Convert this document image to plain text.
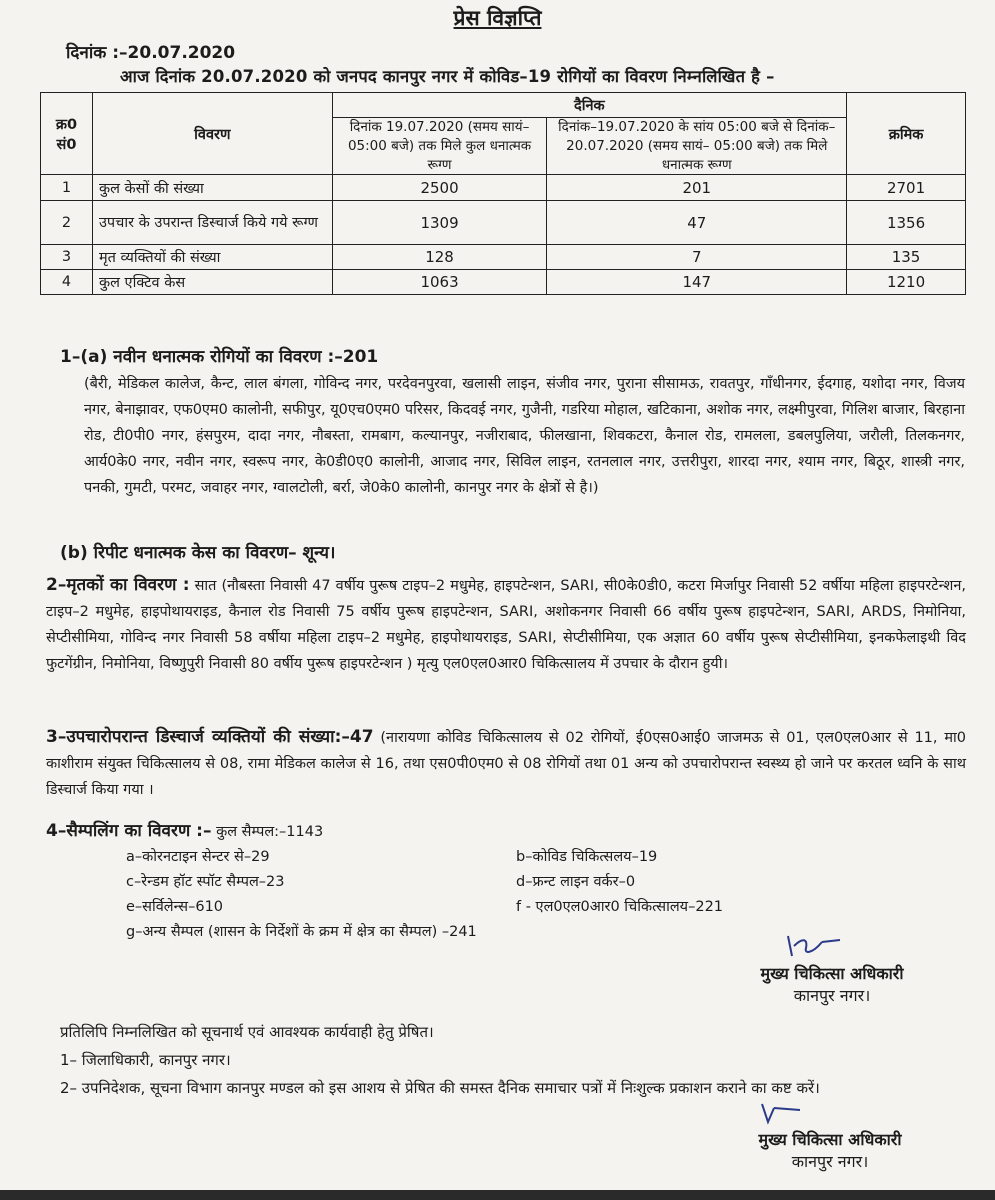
प्रेस विज्ञप्ति
दिनांक :–20.07.2020
आज दिनांक 20.07.2020 को जनपद कानपुर नगर में कोविड–19 रोगियों का विवरण निम्नलिखित है –
क्र0 सं0	विवरण	दैनिक		क्रमिक

		दिनांक 19.07.2020 (समय सायं– 05:00 बजे) तक मिले कुल धनात्मक रूग्ण	दिनांक–19.07.2020 के सांय 05:00 बजे से दिनांक–20.07.2020 (समय सायं– 05:00 बजे) तक मिले धनात्मक रूग्ण	

1	कुल केसों की संख्या	2500	201	2701
2	उपचार के उपरान्त डिस्चार्ज किये गये रूग्ण	1309	47	1356
3	मृत व्यक्तियों की संख्या	128	7	135
4	कुल एक्टिव केस	1063	147	1210
1–(a) नवीन धनात्मक रोगियों का विवरण :–201
(बैरी, मेडिकल कालेज, कैन्ट, लाल बंगला, गोविन्द नगर, परदेवनपुरवा, खलासी लाइन, संजीव नगर, पुराना सीसामऊ, रावतपुर, गाँधीनगर, ईदगाह, यशोदा नगर, विजय नगर, बेनाझावर, एफ0एम0 कालोनी, सफीपुर, यू0एच0एम0 परिसर, किदवई नगर, गुजैनी, गडरिया मोहाल, खटिकाना, अशोक नगर, लक्ष्मीपुरवा, गिलिश बाजार, बिरहाना रोड, टी0पी0 नगर, हंसपुरम, दादा नगर, नौबस्ता, रामबाग, कल्यानपुर, नजीराबाद, फीलखाना, शिवकटरा, कैनाल रोड, रामलला, डबलपुलिया, जरौली, तिलकनगर, आर्य0के0 नगर, नवीन नगर, स्वरूप नगर, के0डी0ए0 कालोनी, आजाद नगर, सिविल लाइन, रतनलाल नगर, उत्तरीपुरा, शारदा नगर, श्याम नगर, बिठूर, शास्त्री नगर, पनकी, गुमटी, परमट, जवाहर नगर, ग्वालटोली, बर्रा, जे0के0 कालोनी, कानपुर नगर के क्षेत्रों से है।)
(b) रिपीट धनात्मक केस का विवरण– शून्य।
2–मृतकों का विवरण : सात (नौबस्ता निवासी 47 वर्षीय पुरूष टाइप–2 मधुमेह, हाइपटेन्शन, SARI, सी0के0डी0, कटरा मिर्जापुर निवासी 52 वर्षीया महिला हाइपरटेन्शन, टाइप–2 मधुमेह, हाइपोथायराइड, कैनाल रोड निवासी 75 वर्षीय पुरूष हाइपटेन्शन, SARI, अशोकनगर निवासी 66 वर्षीय पुरूष हाइपटेन्शन, SARI, ARDS, निमोनिया, सेप्टीसीमिया, गोविन्द नगर निवासी 58 वर्षीया महिला टाइप–2 मधुमेह, हाइपोथायराइड, SARI, सेप्टीसीमिया, एक अज्ञात 60 वर्षीय पुरूष सेप्टीसीमिया, इनकफेलाइथी विद फुटगेंग्रीन, निमोनिया, विष्णुपुरी निवासी 80 वर्षीय पुरूष हाइपरटेन्शन ) मृत्यु एल0एल0आर0 चिकित्सालय में उपचार के दौरान हुयी।
3–उपचारोपरान्त डिस्चार्ज व्यक्तियों की संख्या:–47 (नारायणा कोविड चिकित्सालय से 02 रोगियों, ई0एस0आई0 जाजमऊ से 01, एल0एल0आर से 11, मा0 काशीराम संयुक्त चिकित्सालय से 08, रामा मेडिकल कालेज से 16, तथा एस0पी0एम0 से 08 रोगियों तथा 01 अन्य को उपचारोपरान्त स्वस्थ्य हो जाने पर करतल ध्वनि के साथ डिस्चार्ज किया गया ।
4–सैम्पलिंग का विवरण :– कुल सैम्पल:–1143
a–कोरनटाइन सेन्टर से–29	b–कोविड चिकित्सलय–19
c–रेन्डम हॉट स्पॉट सैम्पल–23	d–फ्रन्ट लाइन वर्कर–0
e–सर्विलेन्स–610	f - एल0एल0आर0 चिकित्सालय–221
g–अन्य सैम्पल (शासन के निर्देशों के क्रम में क्षेत्र का सैम्पल) –241
मुख्य चिकित्सा अधिकारी
कानपुर नगर।
प्रतिलिपि निम्नलिखित को सूचनार्थ एवं आवश्यक कार्यवाही हेतु प्रेषित।
1– जिलाधिकारी, कानपुर नगर।
2– उपनिदेशक, सूचना विभाग कानपुर मण्डल को इस आशय से प्रेषित की समस्त दैनिक समाचार पत्रों में निःशुल्क प्रकाशन कराने का कष्ट करें।
मुख्य चिकित्सा अधिकारी
कानपुर नगर।
